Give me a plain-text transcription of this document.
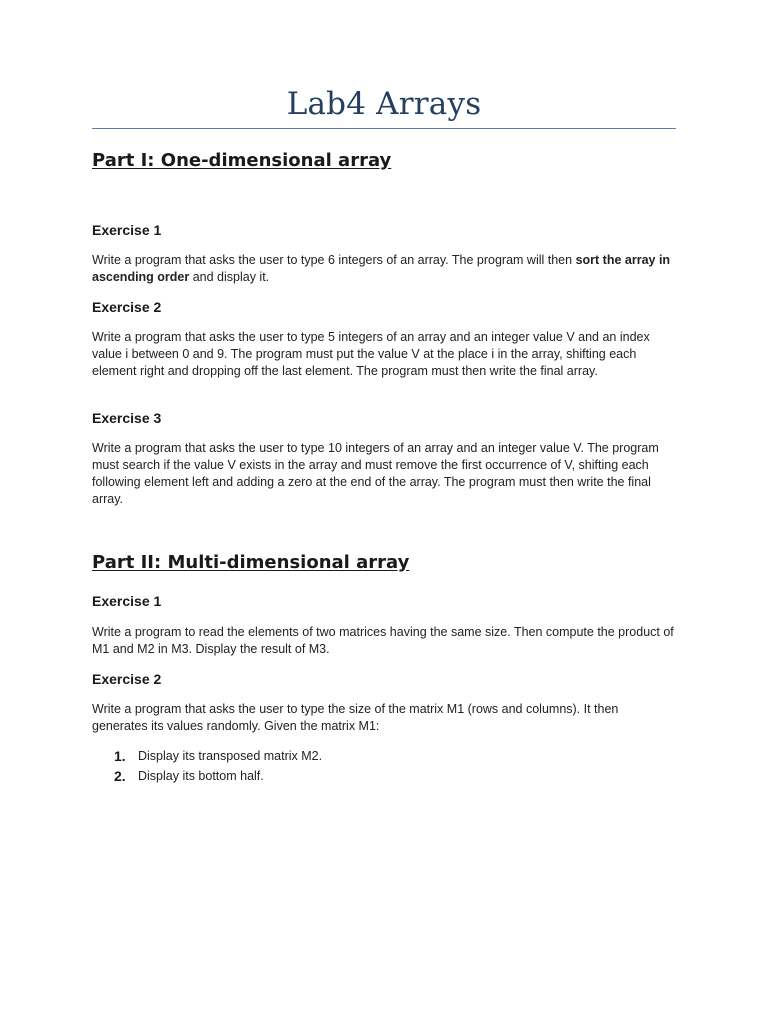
Lab4 Arrays
Part I: One-dimensional array
Exercise 1

Write a program that asks the user to type 6 integers of an array. The program will then sort the array in ascending order and display it.

Exercise 2

Write a program that asks the user to type 5 integers of an array and an integer value V and an index value i between 0 and 9. The program must put the value V at the place i in the array, shifting each element right and dropping off the last element. The program must then write the final array.

Exercise 3

Write a program that asks the user to type 10 integers of an array and an integer value V. The program must search if the value V exists in the array and must remove the first occurrence of V, shifting each following element left and adding a zero at the end of the array. The program must then write the final array.

Part II: Multi-dimensional array
Exercise 1

Write a program to read the elements of two matrices having the same size. Then compute the product of M1 and M2 in M3. Display the result of M3.

Exercise 2

Write a program that asks the user to type the size of the matrix M1 (rows and columns). It then generates its values randomly. Given the matrix M1:

1. Display its transposed matrix M2.
2. Display its bottom half.
